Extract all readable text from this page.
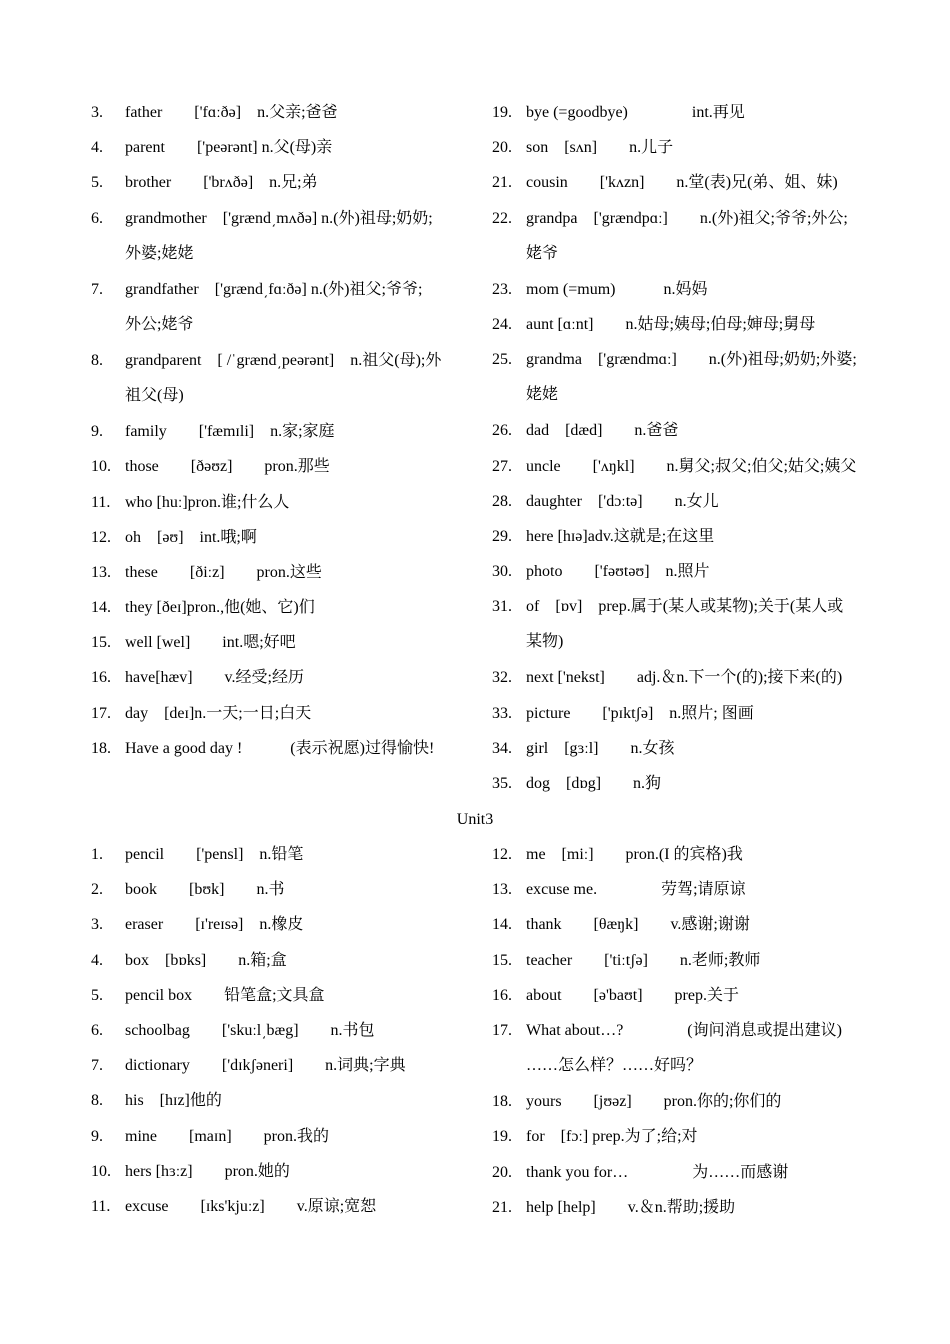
3. father　　['fɑːðə]　n.父亲;爸爸
4. parent　　['peərənt] n.父(母)亲
5. brother　　['brʌðə]　n.兄;弟
6. grandmother　['grænd͵mʌðə] n.(外)祖母;奶奶;
外婆;姥姥
7. grandfather　['grænd͵fɑːðə] n.(外)祖父;爷爷;
外公;姥爷
8. grandparent　[ /ˈgrænd͵peərənt]　n.祖父(母);外
祖父(母)
9. family　　['fæmɪli]　n.家;家庭
10. those　　[ðəʊz]　　pron.那些
11. who [huː]pron.谁;什么人
12. oh　[əʊ]　int.哦;啊
13. these　　[ðiːz]　　pron.这些
14. they [ðeɪ]pron.,他(她、它)们
15. well [wel]　　int.嗯;好吧
16. have[hæv]　　v.经受;经历
17. day　[deɪ]n.一天;一日;白天
18. Have a good day !　　　(表示祝愿)过得愉快!
19. bye (=goodbye)　　　　int.再见
20. son　[sʌn]　　n.儿子
21. cousin　　['kʌzn]　　n.堂(表)兄(弟、姐、妹)
22. grandpa　['grændpɑː]　　n.(外)祖父;爷爷;外公;
姥爷
23. mom (=mum)　　　n.妈妈
24. aunt [ɑːnt]　　n.姑母;姨母;伯母;婶母;舅母
25. grandma　['grændmɑː]　　n.(外)祖母;奶奶;外婆;
姥姥
26. dad　[dæd]　　n.爸爸
27. uncle　　['ʌŋkl]　　n.舅父;叔父;伯父;姑父;姨父
28. daughter　['dɔːtə]　　n.女儿
29. here [hɪə]adv.这就是;在这里
30. photo　　['fəʊtəʊ]　n.照片
31. of　[ɒv]　prep.属于(某人或某物);关于(某人或
某物)
32. next ['nekst]　　adj.＆n.下一个(的);接下来(的)
33. picture　　['pɪktʃə]　n.照片; 图画
34. girl　[gɜːl]　　n.女孩
35. dog　[dɒg]　　n.狗
Unit3
1. pencil　　['pensl]　n.铅笔
2. book　　[bʊk]　　n.书
3. eraser　　[ɪ'reɪsə]　n.橡皮
4. box　[bɒks]　　n.箱;盒
5. pencil box　　铅笔盒;文具盒
6. schoolbag　　['skuːl͵bæg]　　n.书包
7. dictionary　　['dɪkʃəneri]　　n.词典;字典
8. his　[hɪz]他的
9. mine　　[maɪn]　　pron.我的
10. hers [hɜːz]　　pron.她的
11. excuse　　[ɪks'kjuːz]　　v.原谅;宽恕
12. me　[miː]　　pron.(I 的宾格)我
13. excuse me.　　　　劳驾;请原谅
14. thank　　[θæŋk]　　v.感谢;谢谢
15. teacher　　['tiːtʃə]　　n.老师;教师
16. about　　[ə'baʊt]　　prep.关于
17. What about…?　　　　(询问消息或提出建议)
……怎么样？……好吗？
18. yours　　[jʊəz]　　pron.你的;你们的
19. for　[fɔː] prep.为了;给;对
20. thank you for…　　　　为……而感谢
21. help [help]　　v.＆n.帮助;援助
